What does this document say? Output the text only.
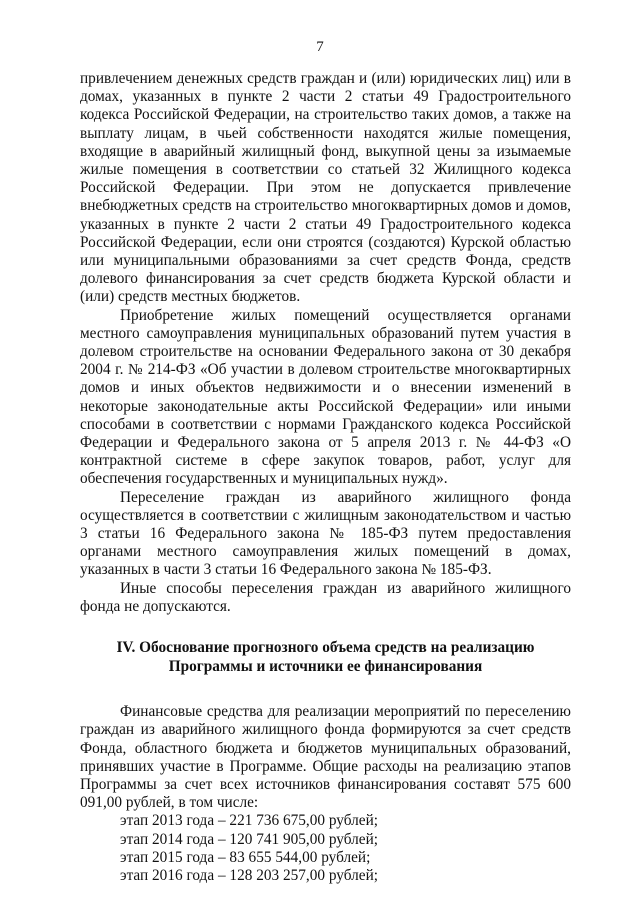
7

привлечением денежных средств граждан и (или) юридических лиц) или в домах, указанных в пункте 2 части 2 статьи 49 Градостроительного кодекса Российской Федерации, на строительство таких домов, а также на выплату лицам, в чьей собственности находятся жилые помещения, входящие в аварийный жилищный фонд, выкупной цены за изымаемые жилые помещения в соответствии со статьей 32 Жилищного кодекса Российской Федерации. При этом не допускается привлечение внебюджетных средств на строительство многоквартирных домов и домов, указанных в пункте 2 части 2 статьи 49 Градостроительного кодекса Российской Федерации, если они строятся (создаются) Курской областью или муниципальными образованиями за счет средств Фонда, средств долевого финансирования за счет средств бюджета Курской области и (или) средств местных бюджетов.

Приобретение жилых помещений осуществляется органами местного самоуправления муниципальных образований путем участия в долевом строительстве на основании Федерального закона от 30 декабря 2004 г. № 214-ФЗ «Об участии в долевом строительстве многоквартирных домов и иных объектов недвижимости и о внесении изменений в некоторые законодательные акты Российской Федерации» или иными способами в соответствии с нормами Гражданского кодекса Российской Федерации и Федерального закона от 5 апреля 2013 г. № 44-ФЗ «О контрактной системе в сфере закупок товаров, работ, услуг для обеспечения государственных и муниципальных нужд».

Переселение граждан из аварийного жилищного фонда осуществляется в соответствии с жилищным законодательством и частью 3 статьи 16 Федерального закона № 185-ФЗ путем предоставления органами местного самоуправления жилых помещений в домах, указанных в части 3 статьи 16 Федерального закона № 185-ФЗ.

Иные способы переселения граждан из аварийного жилищного фонда не допускаются.

IV. Обоснование прогнозного объема средств на реализацию
Программы и источники ее финансирования

Финансовые средства для реализации мероприятий по переселению граждан из аварийного жилищного фонда формируются за счет средств Фонда, областного бюджета и бюджетов муниципальных образований, принявших участие в Программе. Общие расходы на реализацию этапов Программы за счет всех источников финансирования составят 575 600 091,00 рублей, в том числе:

этап 2013 года – 221 736 675,00 рублей;
этап 2014 года – 120 741 905,00 рублей;
этап 2015 года – 83 655 544,00 рублей;
этап 2016 года – 128 203 257,00 рублей;
